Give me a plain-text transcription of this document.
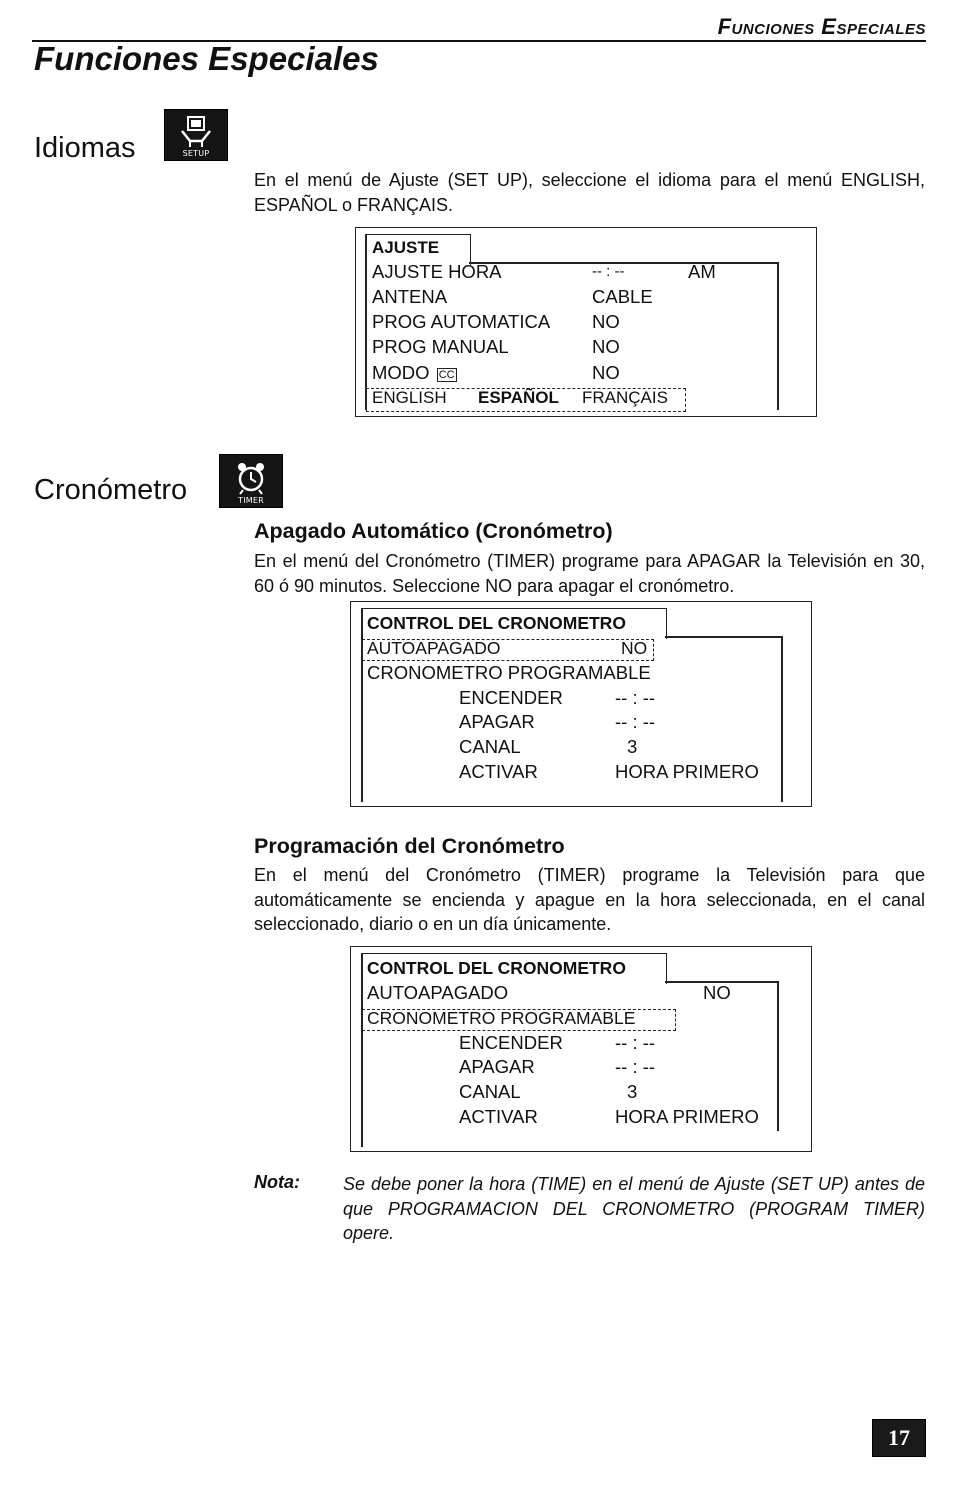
Funciones Especiales
Funciones Especiales
Idiomas	SETUP
En el menú de Ajuste (SET UP), seleccione el idioma para el menú ENGLISH, ESPAÑOL o FRANÇAIS.
AJUSTE
AJUSTE HORA	-- : --	AM
ANTENA	CABLE
PROG AUTOMATICA NO
PROG MANUAL	NO
MODO CC	NO
ENGLISH ESPAÑOL FRANÇAIS
Cronómetro	TIMER
Apagado Automático (Cronómetro)
En el menú del Cronómetro (TIMER) programe para APAGAR la Televisión en 30, 60 ó 90 minutos. Seleccione NO para apagar el cronómetro.
CONTROL DEL CRONOMETRO
AUTOAPAGADO	NO
CRONOMETRO PROGRAMABLE
ENCENDER	-- : --
APAGAR	-- : --
CANAL	3
ACTIVAR	HORA PRIMERO
Programación del Cronómetro
En el menú del Cronómetro (TIMER) programe la Televisión para que automáticamente se encienda y apague en la hora seleccionada, en el canal seleccionado, diario o en un día únicamente.
CONTROL DEL CRONOMETRO
AUTOAPAGADO	NO
CRONOMETRO PROGRAMABLE
ENCENDER	-- : --
APAGAR	-- : --
CANAL	3
ACTIVAR	HORA PRIMERO
Nota: Se debe poner la hora (TIME) en el menú de Ajuste (SET UP) antes de que PROGRAMACION DEL CRONOMETRO (PROGRAM TIMER) opere.
17
